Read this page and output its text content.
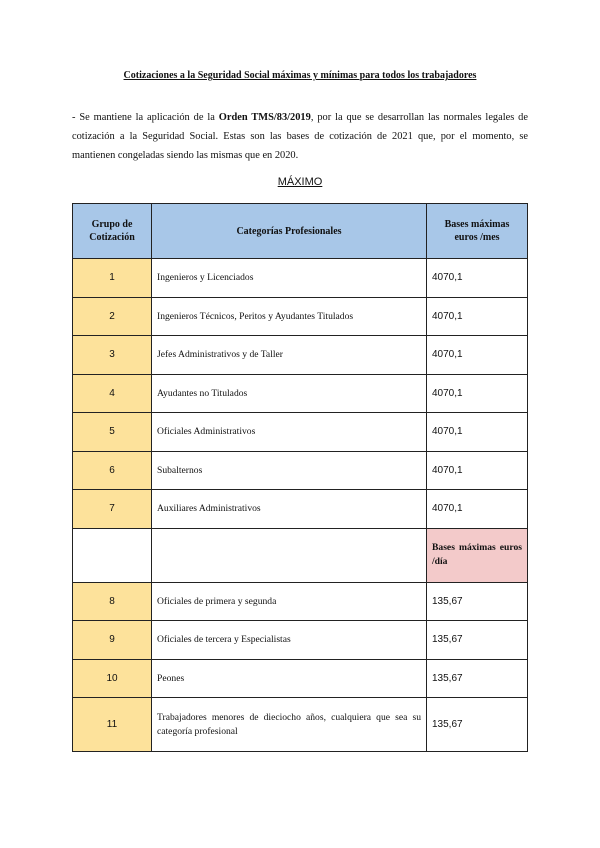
Cotizaciones a la Seguridad Social máximas y mínimas para todos los trabajadores
- Se mantiene la aplicación de la Orden TMS/83/2019, por la que se desarrollan las normales legales de cotización a la Seguridad Social. Estas son las bases de cotización de 2021 que, por el momento, se mantienen congeladas siendo las mismas que en 2020.
MÁXIMO
Grupo de Cotización	Categorías Profesionales	Bases máximas euros /mes
1	Ingenieros y Licenciados	4070,1
2	Ingenieros Técnicos, Peritos y Ayudantes Titulados	4070,1
3	Jefes Administrativos y de Taller	4070,1
4	Ayudantes no Titulados	4070,1
5	Oficiales Administrativos	4070,1
6	Subalternos	4070,1
7	Auxiliares Administrativos	4070,1
		Bases máximas euros /día
8	Oficiales de primera y segunda	135,67
9	Oficiales de tercera y Especialistas	135,67
10	Peones	135,67
11	Trabajadores menores de dieciocho años, cualquiera que sea su categoría profesional	135,67
